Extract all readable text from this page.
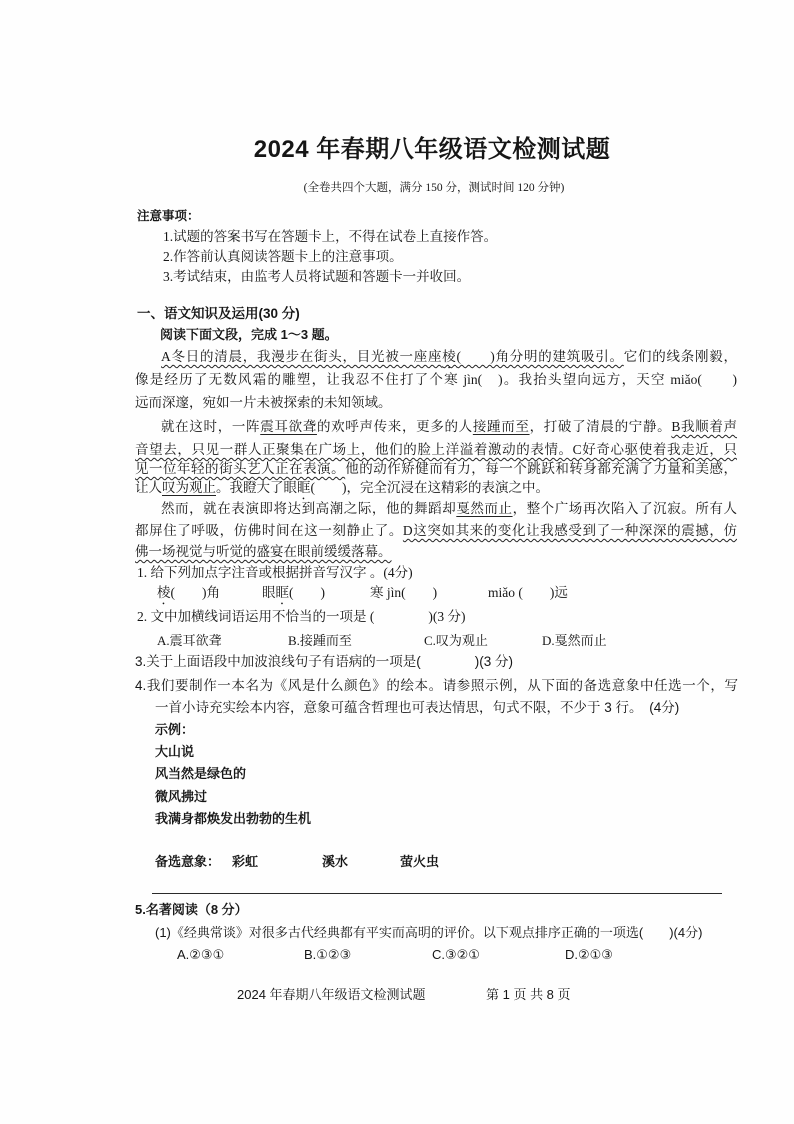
2024 年春期八年级语文检测试题
(全卷共四个大题，满分 150 分，测试时间 120 分钟)
注意事项：
1.试题的答案书写在答题卡上，不得在试卷上直接作答。
2.作答前认真阅读答题卡上的注意事项。
3.考试结束，由监考人员将试题和答题卡一并收回。
一、语文知识及运用(30 分)
阅读下面文段，完成 1～3 题。
A冬日的清晨，我漫步在街头，目光被一座座棱(　　)角分明的建筑吸引。它们的线条刚毅，
像是经历了无数风霜的雕塑，让我忍不住打了个寒 jìn(　)。我抬头望向远方，天空 miǎo(　　)
远而深邃，宛如一片未被探索的未知领域。
就在这时，一阵震耳欲聋的欢呼声传来，更多的人接踵而至，打破了清晨的宁静。B我顺着声
音望去，只见一群人正聚集在广场上，他们的脸上洋溢着激动的表情。C好奇心驱使着我走近，只
见一位年轻的街头艺人正在表演。他的动作矫健而有力，每一个跳跃和转身都充满了力量和美感，
让人叹为观止。我瞪大了眼眶(　　)，完全沉浸在这精彩的表演之中。
然而，就在表演即将达到高潮之际，他的舞蹈却戛然而止，整个广场再次陷入了沉寂。所有人
都屏住了呼吸，仿佛时间在这一刻静止了。D这突如其来的变化让我感受到了一种深深的震撼，仿
佛一场视觉与听觉的盛宴在眼前缓缓落幕。
1. 给下列加点字注音或根据拼音写汉字 。(4分)
棱(　　)角	眼眶(　　)	寒 jìn(　　)	miǎo (　　)远
2. 文中加横线词语运用不恰当的一项是 (　　　　)(3 分)
A.震耳欲聋	B.接踵而至	C.叹为观止	D.戛然而止
3.关于上面语段中加波浪线句子有语病的一项是(　　　　)(3 分)
4.我们要制作一本名为《风是什么颜色》的绘本。请参照示例，从下面的备选意象中任选一个，写
一首小诗充实绘本内容，意象可蕴含哲理也可表达情思，句式不限，不少于 3 行。　(4分)
示例：
大山说
风当然是绿色的
微风拂过
我满身都焕发出勃勃的生机
备选意象： 彩虹	溪水	萤火虫
5.名著阅读（8 分）
(1)《经典常谈》对很多古代经典都有平实而高明的评价。以下观点排序正确的一项选(　　)(4分)
A.②③①	B.①②③	C.③②①	D.②①③
2024 年春期八年级语文检测试题	第 1 页 共 8 页
